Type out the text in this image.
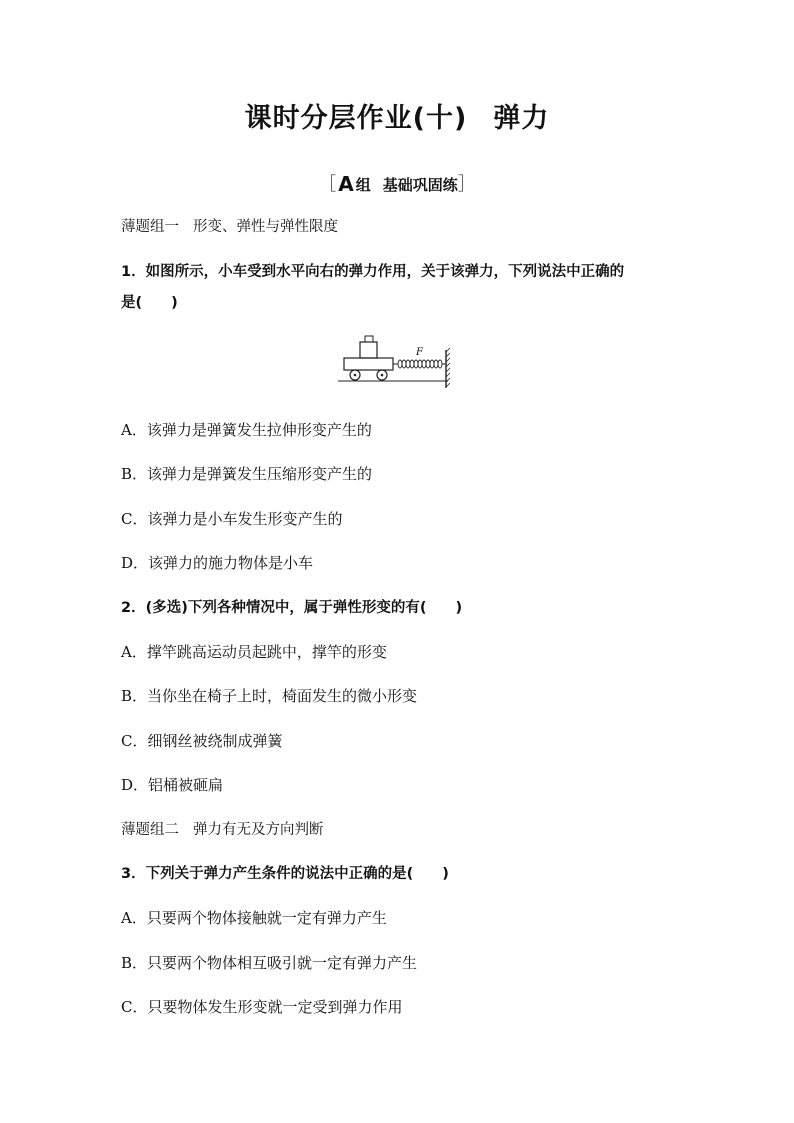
课时分层作业(十) 弹力
［ A 组 基础巩固练］
薄题组一 形变、弹性与弹性限度
1．如图所示，小车受到水平向右的弹力作用，关于该弹力，下列说法中正确的
是(　　)
F
A．该弹力是弹簧发生拉伸形变产生的
B．该弹力是弹簧发生压缩形变产生的
C．该弹力是小车发生形变产生的
D．该弹力的施力物体是小车
2．(多选)下列各种情况中，属于弹性形变的有(　　)
A．撑竿跳高运动员起跳中，撑竿的形变
B．当你坐在椅子上时，椅面发生的微小形变
C．细钢丝被绕制成弹簧
D．铝桶被砸扁
薄题组二 弹力有无及方向判断
3．下列关于弹力产生条件的说法中正确的是(　　)
A．只要两个物体接触就一定有弹力产生
B．只要两个物体相互吸引就一定有弹力产生
C．只要物体发生形变就一定受到弹力作用
